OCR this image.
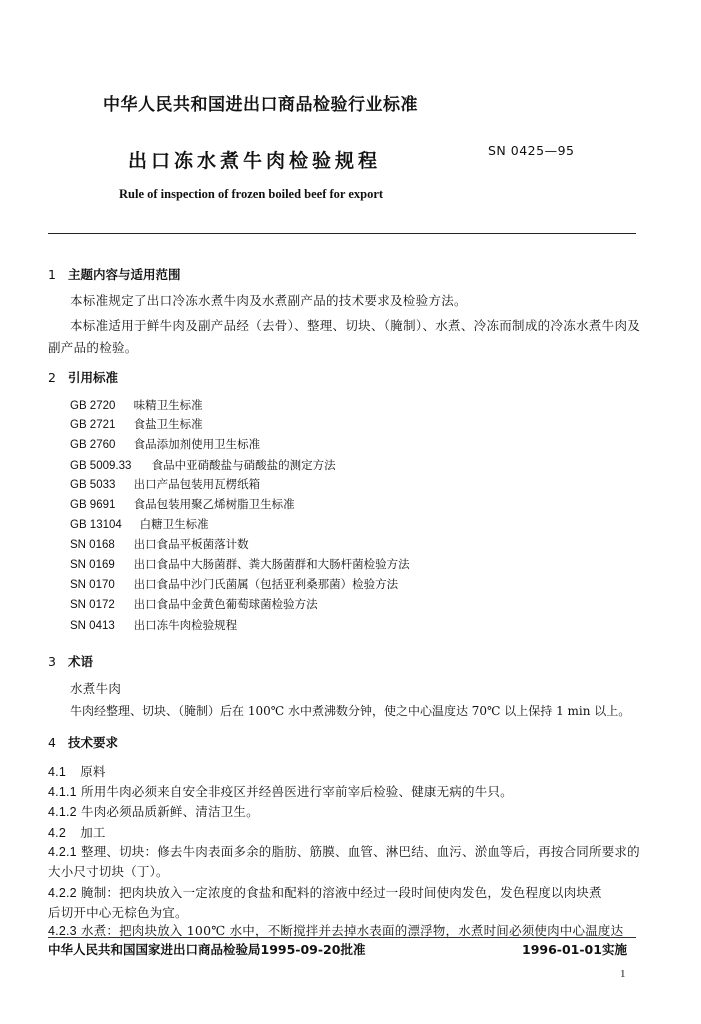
中华人民共和国进出口商品检验行业标准
出口冻水煮牛肉检验规程	SN 0425—95
Rule of inspection of frozen boiled beef for export
1 主题内容与适用范围
本标准规定了出口冷冻水煮牛肉及水煮副产品的技术要求及检验方法。
本标准适用于鲜牛肉及副产品经（去骨）、整理、切块、（腌制）、水煮、冷冻而制成的冷冻水煮牛肉及
副产品的检验。
2 引用标准
GB 2720 味精卫生标准
GB 2721 食盐卫生标准
GB 2760 食品添加剂使用卫生标准
GB 5009.33 食品中亚硝酸盐与硝酸盐的测定方法
GB 5033 出口产品包装用瓦楞纸箱
GB 9691 食品包装用聚乙烯树脂卫生标准
GB 13104 白糖卫生标准
SN 0168 出口食品平板菌落计数
SN 0169 出口食品中大肠菌群、粪大肠菌群和大肠杆菌检验方法
SN 0170 出口食品中沙门氏菌属（包括亚利桑那菌）检验方法
SN 0172 出口食品中金黄色葡萄球菌检验方法
SN 0413 出口冻牛肉检验规程
3 术语
水煮牛肉
牛肉经整理、切块、（腌制）后在 100℃ 水中煮沸数分钟，使之中心温度达 70℃ 以上保持 1 min 以上。
4 技术要求
4.1 原料
4.1.1 所用牛肉必须来自安全非疫区并经兽医进行宰前宰后检验、健康无病的牛只。
4.1.2 牛肉必须品质新鲜、清洁卫生。
4.2 加工
4.2.1 整理、切块：修去牛肉表面多余的脂肪、筋膜、血管、淋巴结、血污、淤血等后，再按合同所要求的
大小尺寸切块（丁）。
4.2.2 腌制：把肉块放入一定浓度的食盐和配料的溶液中经过一段时间使肉发色，发色程度以肉块煮
后切开中心无棕色为宜。
4.2.3 水煮：把肉块放入 100℃ 水中，不断搅拌并去掉水表面的漂浮物，水煮时间必须使肉中心温度达
中华人民共和国国家进出口商品检验局1995-09-20批准	1996-01-01实施
1
